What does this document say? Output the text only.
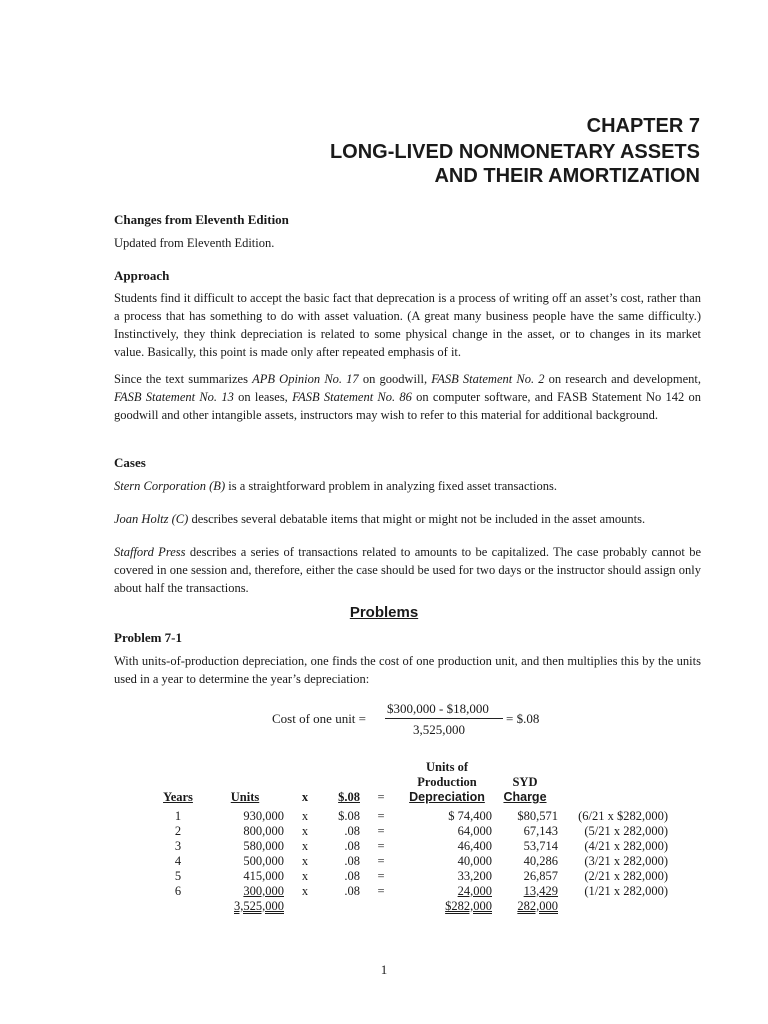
CHAPTER 7
LONG-LIVED NONMONETARY ASSETS
AND THEIR AMORTIZATION
Changes from Eleventh Edition
Updated from Eleventh Edition.
Approach
Students find it difficult to accept the basic fact that deprecation is a process of writing off an asset’s cost, rather than a process that has something to do with asset valuation. (A great many business people have the same difficulty.) Instinctively, they think depreciation is related to some physical change in the asset, or to changes in its market value. Basically, this point is made only after repeated emphasis of it.
Since the text summarizes APB Opinion No. 17 on goodwill, FASB Statement No. 2 on research and development, FASB Statement No. 13 on leases, FASB Statement No. 86 on computer software, and FASB Statement No 142 on goodwill and other intangible assets, instructors may wish to refer to this material for additional background.
Cases
Stern Corporation (B) is a straightforward problem in analyzing fixed asset transactions.
Joan Holtz (C) describes several debatable items that might or might not be included in the asset amounts.
Stafford Press describes a series of transactions related to amounts to be capitalized. The case probably cannot be covered in one session and, therefore, either the case should be used for two days or the instructor should assign only about half the transactions.
Problems
Problem 7-1
With units-of-production depreciation, one finds the cost of one production unit, and then multiplies this by the units used in a year to determine the year’s depreciation:
Cost of one unit =
$300,000 - $18,000
3,525,000
= $.08
					Units of		
					Production	SYD	
Years	Units	x	$.08	=	Depreciation	Charge	

1	930,000	x	$.08	=	$ 74,400	$80,571	(6/21 x $282,000)
2	800,000	x	.08	=	64,000	67,143	(5/21 x 282,000)
3	580,000	x	.08	=	46,400	53,714	(4/21 x 282,000)
4	500,000	x	.08	=	40,000	40,286	(3/21 x 282,000)
5	415,000	x	.08	=	33,200	26,857	(2/21 x 282,000)
6	300,000	x	.08	=	24,000	13,429	(1/21 x 282,000)
	3,525,000				$282,000	282,000	
1
